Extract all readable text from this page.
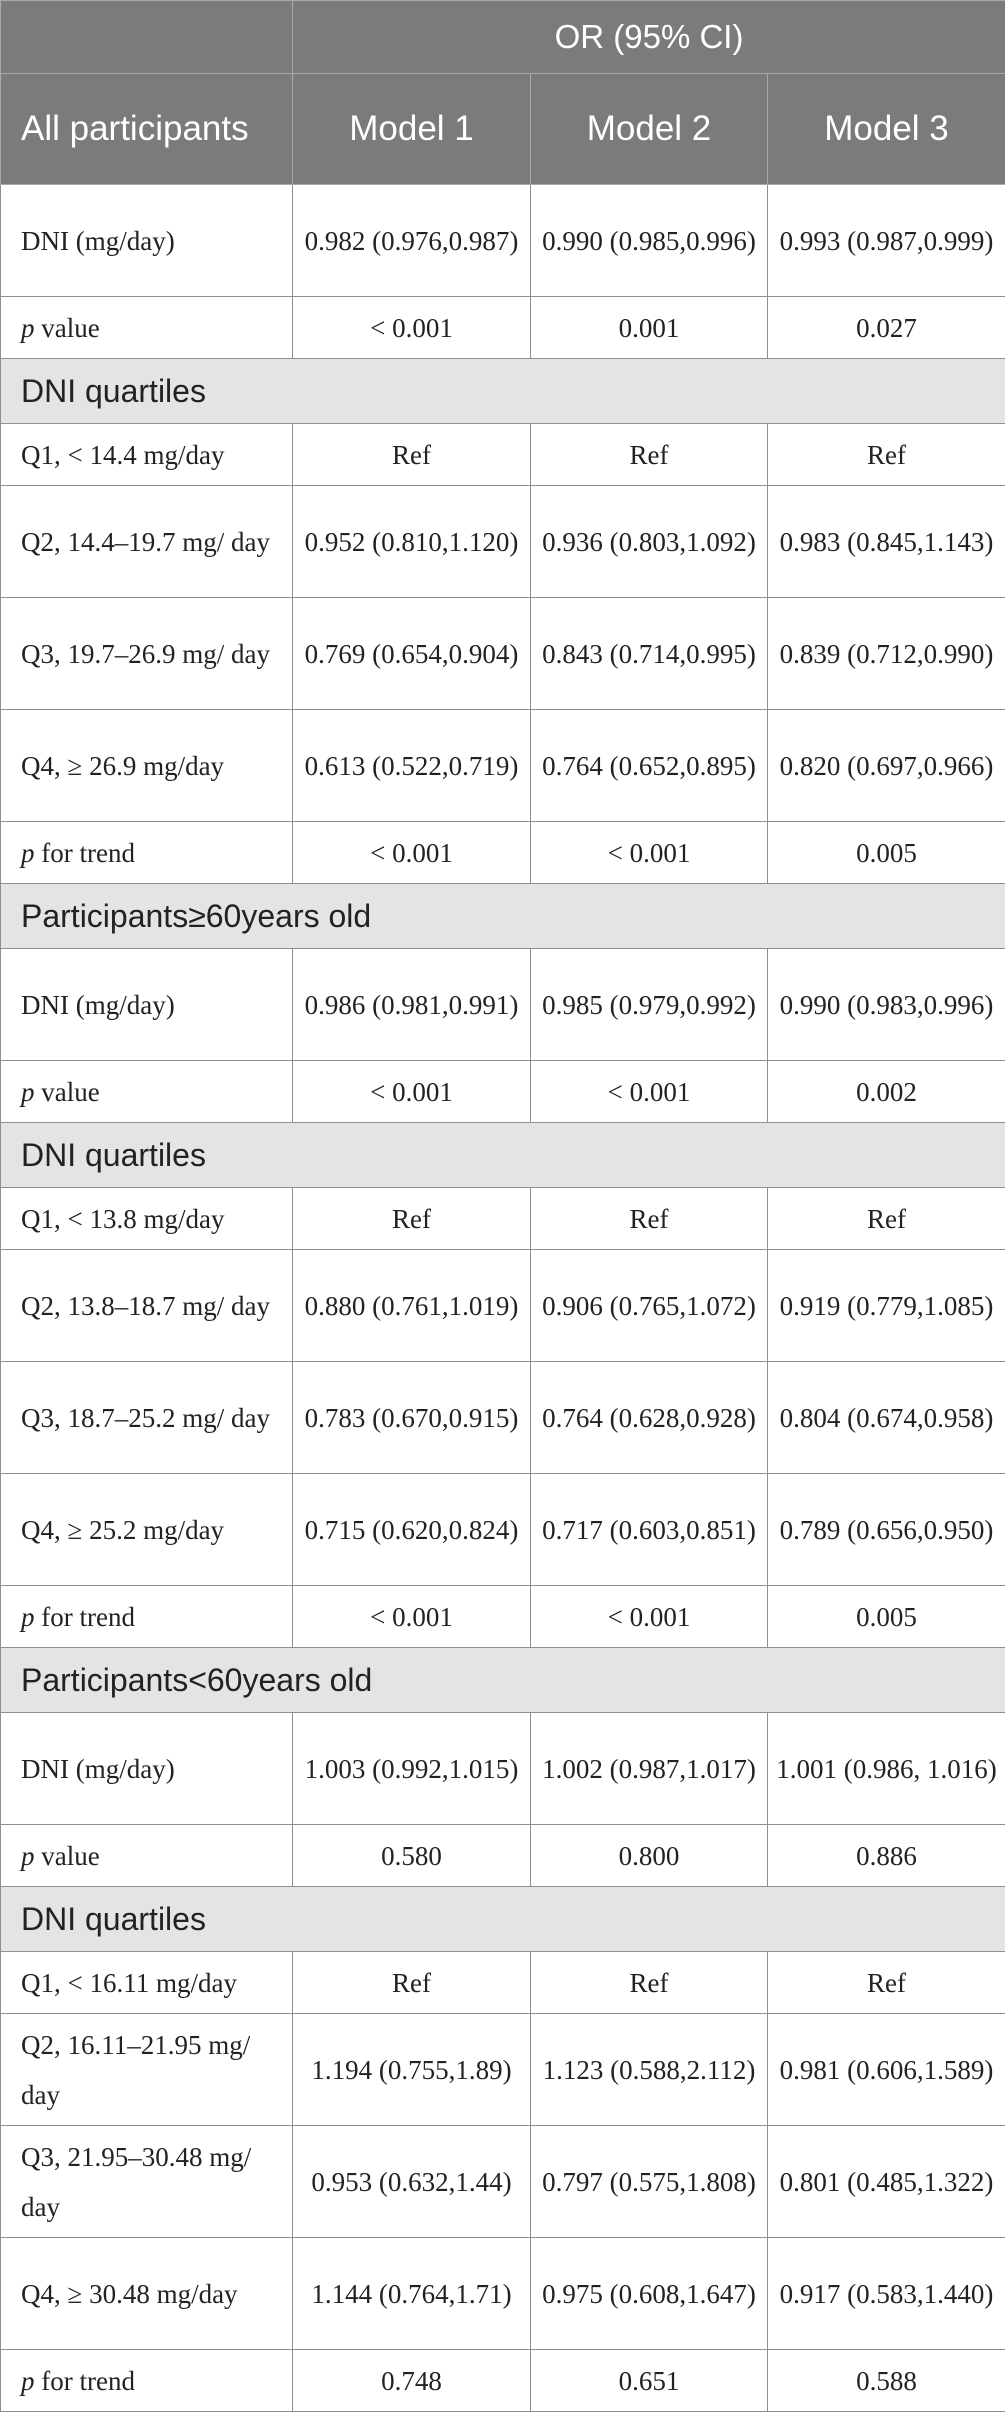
	OR (95% CI)		
All participants	Model 1	Model 2	Model 3
DNI (mg/day)	0.982 (0.976,0.987)	0.990 (0.985,0.996)	0.993 (0.987,0.999)
p value	< 0.001	0.001	0.027
DNI quartiles			
Q1, < 14.4 mg/day	Ref	Ref	Ref
Q2, 14.4–19.7 mg/ day	0.952 (0.810,1.120)	0.936 (0.803,1.092)	0.983 (0.845,1.143)
Q3, 19.7–26.9 mg/ day	0.769 (0.654,0.904)	0.843 (0.714,0.995)	0.839 (0.712,0.990)
Q4, ≥ 26.9 mg/day	0.613 (0.522,0.719)	0.764 (0.652,0.895)	0.820 (0.697,0.966)
p for trend	< 0.001	< 0.001	0.005
Participants≥60years old			
DNI (mg/day)	0.986 (0.981,0.991)	0.985 (0.979,0.992)	0.990 (0.983,0.996)
p value	< 0.001	< 0.001	0.002
DNI quartiles			
Q1, < 13.8 mg/day	Ref	Ref	Ref
Q2, 13.8–18.7 mg/ day	0.880 (0.761,1.019)	0.906 (0.765,1.072)	0.919 (0.779,1.085)
Q3, 18.7–25.2 mg/ day	0.783 (0.670,0.915)	0.764 (0.628,0.928)	0.804 (0.674,0.958)
Q4, ≥ 25.2 mg/day	0.715 (0.620,0.824)	0.717 (0.603,0.851)	0.789 (0.656,0.950)
p for trend	< 0.001	< 0.001	0.005
Participants<60years old			
DNI (mg/day)	1.003 (0.992,1.015)	1.002 (0.987,1.017)	1.001 (0.986, 1.016)
p value	0.580	0.800	0.886
DNI quartiles			
Q1, < 16.11 mg/day	Ref	Ref	Ref
Q2, 16.11–21.95 mg/ day	1.194 (0.755,1.89)	1.123 (0.588,2.112)	0.981 (0.606,1.589)
Q3, 21.95–30.48 mg/ day	0.953 (0.632,1.44)	0.797 (0.575,1.808)	0.801 (0.485,1.322)
Q4, ≥ 30.48 mg/day	1.144 (0.764,1.71)	0.975 (0.608,1.647)	0.917 (0.583,1.440)
p for trend	0.748	0.651	0.588
